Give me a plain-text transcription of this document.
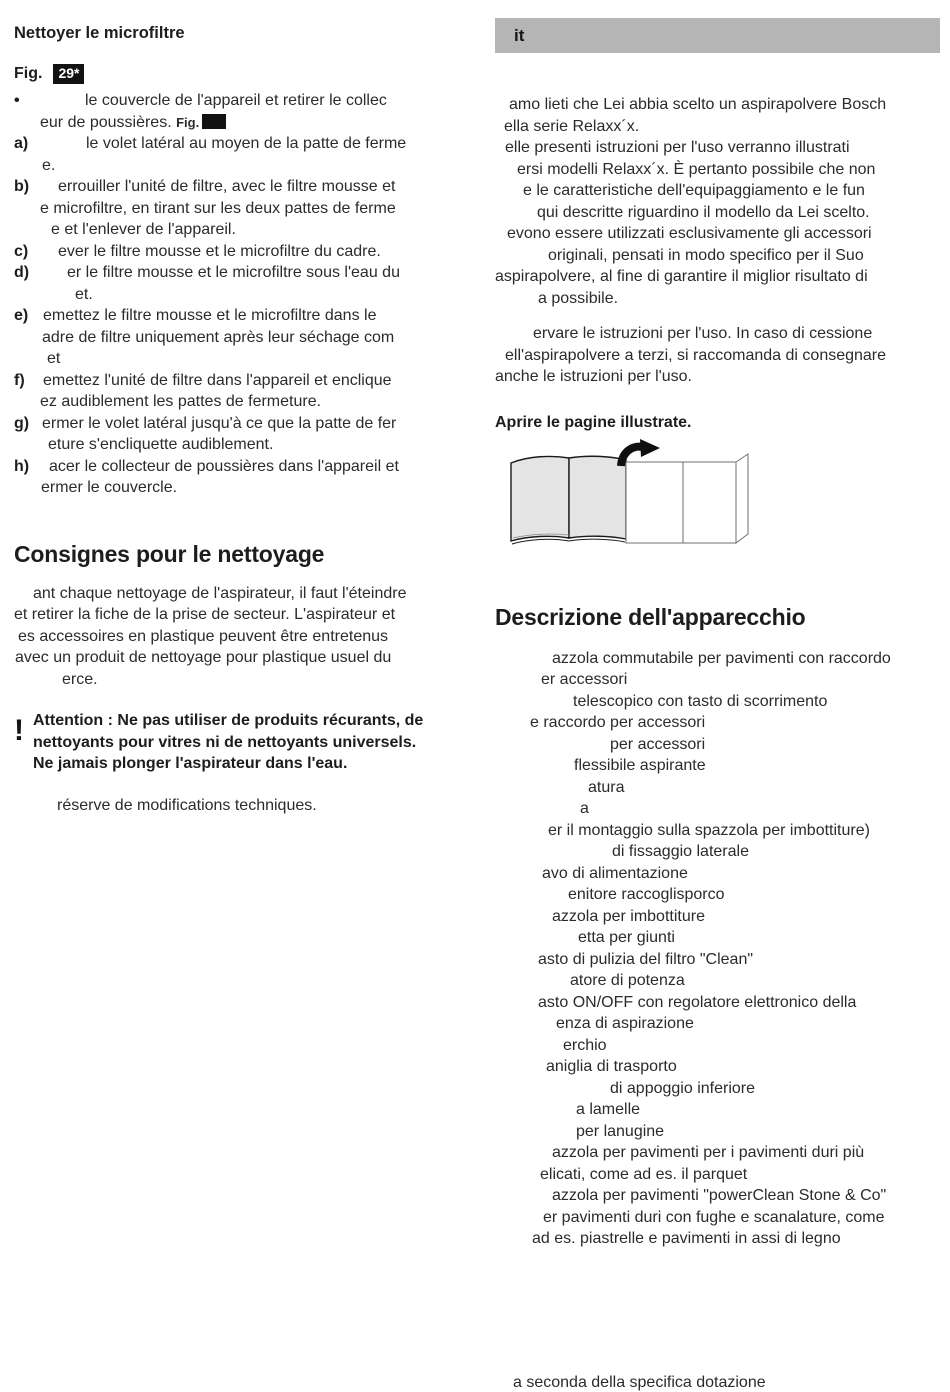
Nettoyer le microfiltre
Fig.	29*
•	le couvercle de l'appareil et retirer le collec
eur de poussières. Fig.
a)	le volet latéral au moyen de la patte de ferme
e.
b)	errouiller l'unité de filtre, avec le filtre mousse et
e microfiltre, en tirant sur les deux pattes de ferme
e et l'enlever de l'appareil.
c)	ever le filtre mousse et le microfiltre du cadre.
d)	er le filtre mousse et le microfiltre sous l'eau du
et.
e) emettez le filtre mousse et le microfiltre dans le
adre de filtre uniquement après leur séchage com
et
f)	emettez l'unité de filtre dans l'appareil et enclique
ez audiblement les pattes de fermeture.
g) ermer le volet latéral jusqu'à ce que la patte de fer
eture s'encliquette audiblement.
h)	acer le collecteur de poussières dans l'appareil et
ermer le couvercle.
Consignes pour le nettoyage
ant chaque nettoyage de l'aspirateur, il faut l'éteindre
et retirer la fiche de la prise de secteur. L'aspirateur et
es accessoires en plastique peuvent être entretenus
avec un produit de nettoyage pour plastique usuel du
erce.
! Attention : Ne pas utiliser de produits récurants, de
nettoyants pour vitres ni de nettoyants universels.
Ne jamais plonger l'aspirateur dans l'eau.
réserve de modifications techniques.
it
amo lieti che Lei abbia scelto un aspirapolvere Bosch
ella serie Relaxx´x.
elle presenti istruzioni per l'uso verranno illustrati
ersi modelli Relaxx´x. È pertanto possibile che non
e le caratteristiche dell'equipaggiamento e le fun
qui descritte riguardino il modello da Lei scelto.
evono essere utilizzati esclusivamente gli accessori
originali, pensati in modo specifico per il Suo
aspirapolvere, al fine di garantire il miglior risultato di
a possibile.
ervare le istruzioni per l'uso. In caso di cessione
ell'aspirapolvere a terzi, si raccomanda di consegnare
anche le istruzioni per l'uso.
Aprire le pagine illustrate.
Descrizione dell'apparecchio
azzola commutabile per pavimenti con raccordo
er accessori
telescopico con tasto di scorrimento
e raccordo per accessori
per accessori
flessibile aspirante
atura
a
er il montaggio sulla spazzola per imbottiture)
di fissaggio laterale
avo di alimentazione
enitore raccoglisporco
azzola per imbottiture
etta per giunti
asto di pulizia del filtro "Clean"
atore di potenza
asto ON/OFF con regolatore elettronico della
enza di aspirazione
erchio
aniglia di trasporto
di appoggio inferiore
a lamelle
per lanugine
azzola per pavimenti per i pavimenti duri più
elicati, come ad es. il parquet
azzola per pavimenti "powerClean Stone & Co"
er pavimenti duri con fughe e scanalature, come
ad es. piastrelle e pavimenti in assi di legno
a seconda della specifica dotazione
